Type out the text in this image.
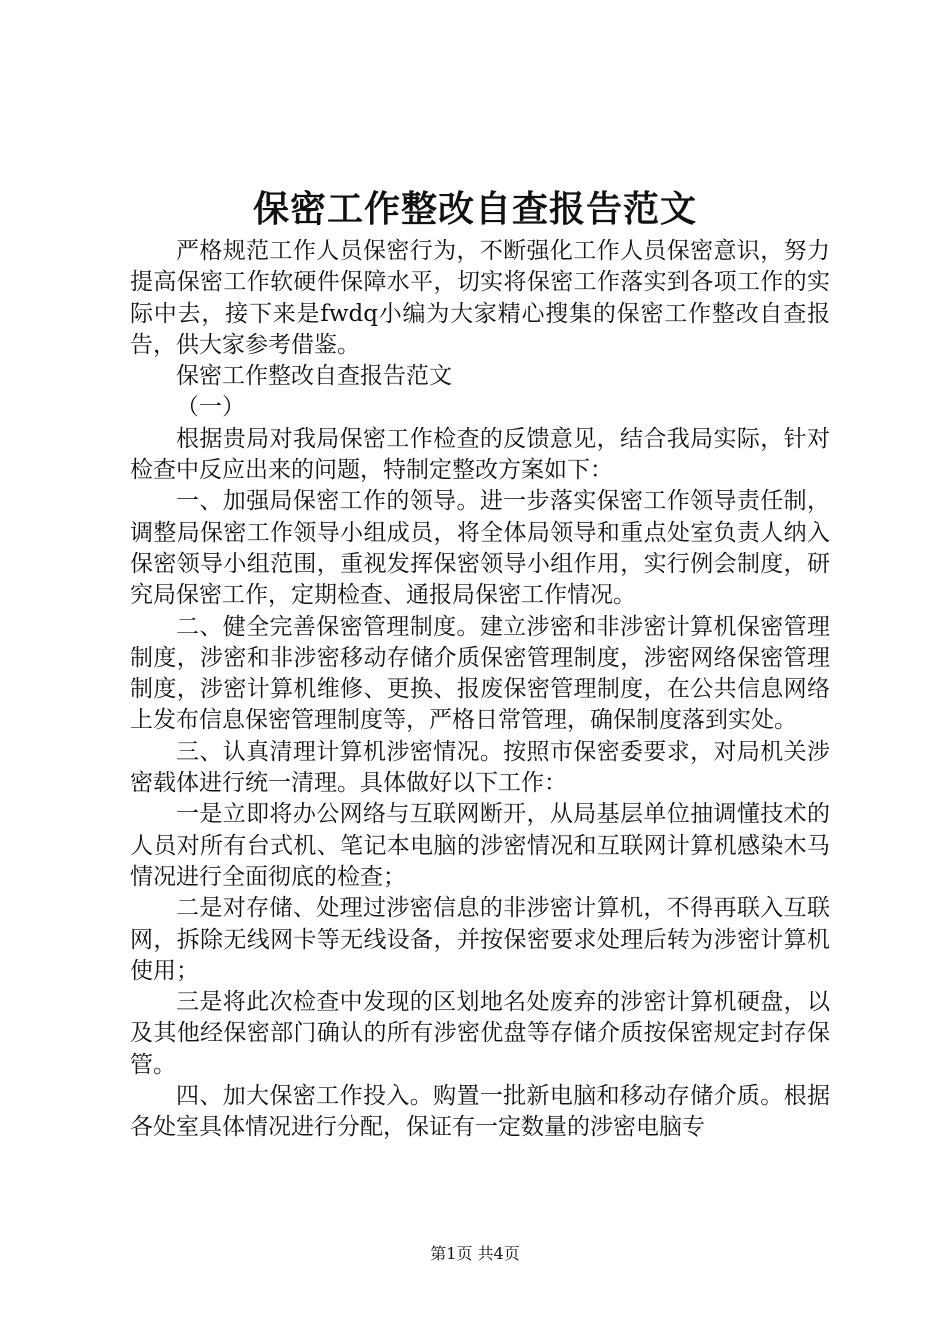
保密工作整改自查报告范文

严格规范工作人员保密行为，不断强化工作人员保密意识，努力提高保密工作软硬件保障水平，切实将保密工作落实到各项工作的实际中去，接下来是fwdq小编为大家精心搜集的保密工作整改自查报告，供大家参考借鉴。

保密工作整改自查报告范文

（一）

根据贵局对我局保密工作检查的反馈意见，结合我局实际，针对检查中反应出来的问题，特制定整改方案如下：

一、加强局保密工作的领导。进一步落实保密工作领导责任制，调整局保密工作领导小组成员，将全体局领导和重点处室负责人纳入保密领导小组范围，重视发挥保密领导小组作用，实行例会制度，研究局保密工作，定期检查、通报局保密工作情况。

二、健全完善保密管理制度。建立涉密和非涉密计算机保密管理制度，涉密和非涉密移动存储介质保密管理制度，涉密网络保密管理制度，涉密计算机维修、更换、报废保密管理制度，在公共信息网络上发布信息保密管理制度等，严格日常管理，确保制度落到实处。

三、认真清理计算机涉密情况。按照市保密委要求，对局机关涉密载体进行统一清理。具体做好以下工作：

一是立即将办公网络与互联网断开，从局基层单位抽调懂技术的人员对所有台式机、笔记本电脑的涉密情况和互联网计算机感染木马情况进行全面彻底的检查；

二是对存储、处理过涉密信息的非涉密计算机，不得再联入互联网，拆除无线网卡等无线设备，并按保密要求处理后转为涉密计算机使用；

三是将此次检查中发现的区划地名处废弃的涉密计算机硬盘，以及其他经保密部门确认的所有涉密优盘等存储介质按保密规定封存保管。

四、加大保密工作投入。购置一批新电脑和移动存储介质。根据各处室具体情况进行分配，保证有一定数量的涉密电脑专

第1页 共4页
